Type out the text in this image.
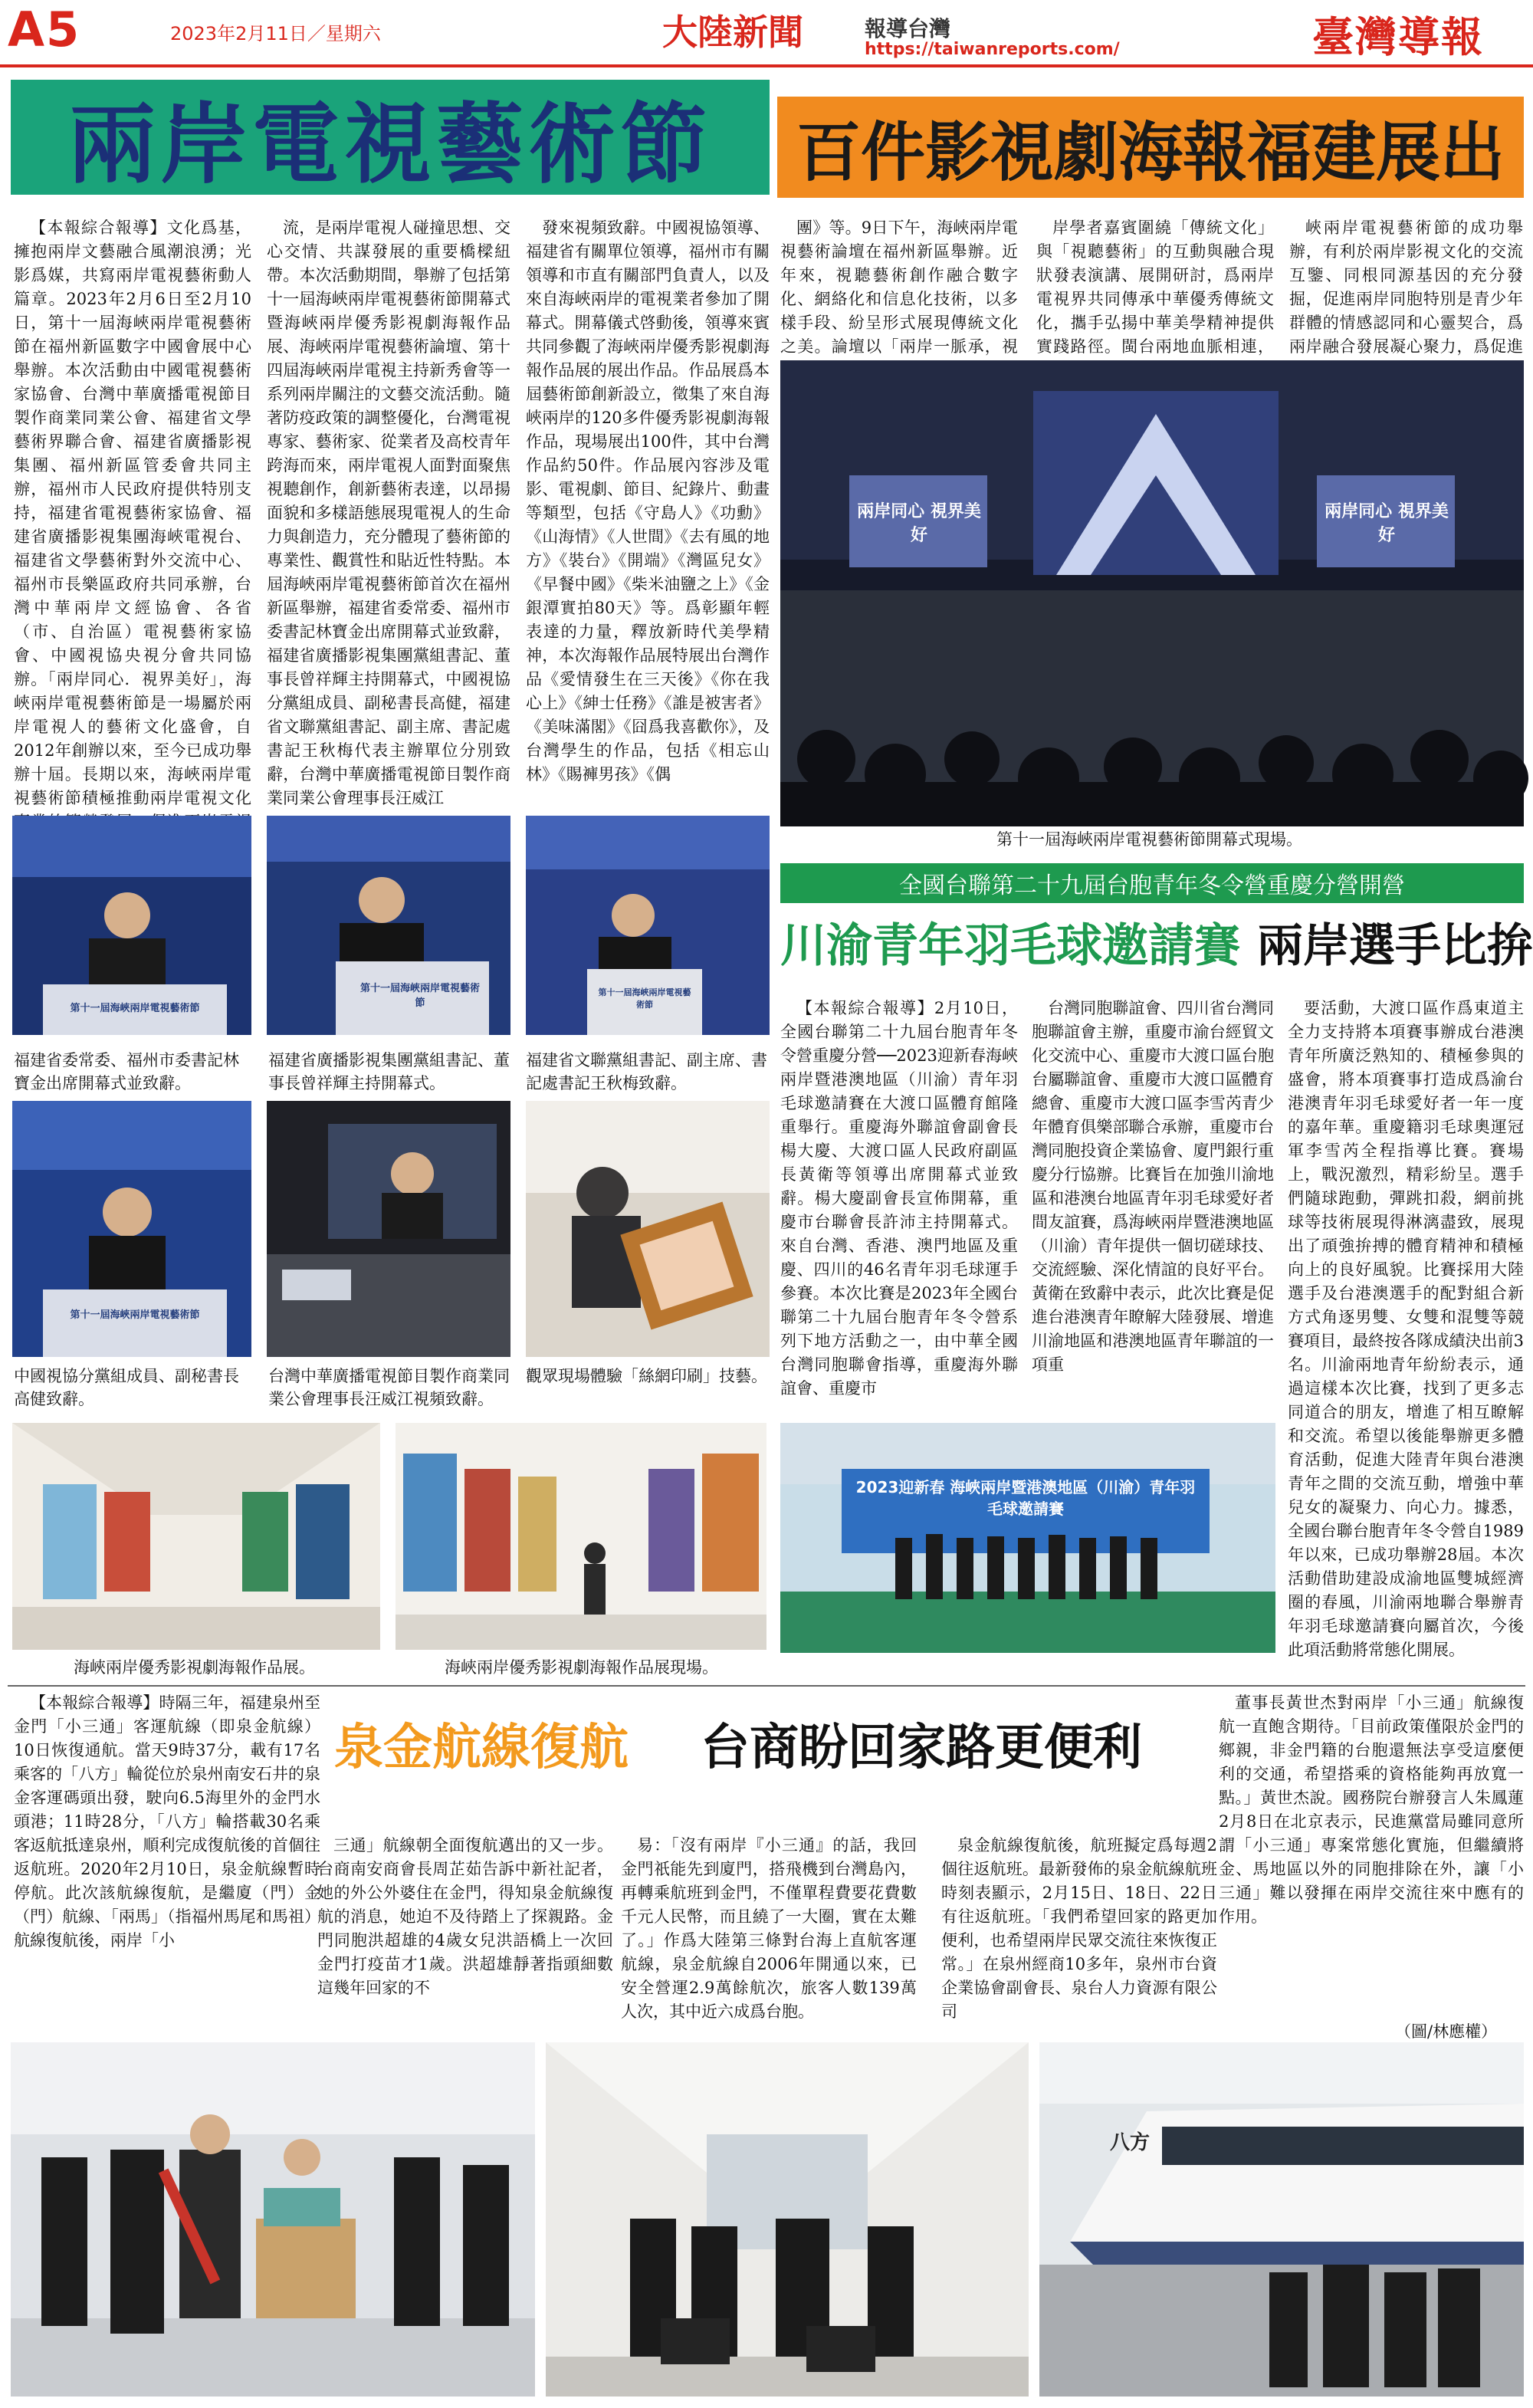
A5	2023年2月11日／星期六	大陸新聞	報導台灣
https://taiwanreports.com/	臺灣導報
兩岸電視藝術節	百件影視劇海報福建展出

【本報綜合報導】文化爲基，擁抱兩岸文藝融合風潮浪湧；光影爲媒，共寫兩岸電視藝術動人篇章。2023年2月6日至2月10日，第十一屆海峽兩岸電視藝術節在福州新區數字中國會展中心舉辦。本次活動由中國電視藝術家協會、台灣中華廣播電視節目製作商業同業公會、福建省文學藝術界聯合會、福建省廣播影視集團、福州新區管委會共同主辦，福州市人民政府提供特別支持，福建省電視藝術家協會、福建省廣播影視集團海峽電視台、福建省文學藝術對外交流中心、福州市長樂區政府共同承辦，台灣中華兩岸文經協會、各省（市、自治區）電視藝術家協會、中國視協央視分會共同協辦。「兩岸同心．視界美好」，海峽兩岸電視藝術節是一場屬於兩岸電視人的藝術文化盛會，自2012年創辦以來，至今已成功舉辦十屆。長期以來，海峽兩岸電視藝術節積極推動兩岸電視文化

流，是兩岸電視人碰撞思想、交心交情、共謀發展的重要橋樑紐帶。本次活動期間，舉辦了包括第十一屆海峽兩岸電視藝術節開幕式暨海峽兩岸優秀影視劇海報作品展、海峽兩岸電視藝術論壇、第十四屆海峽兩岸電視主持新秀會等一系列兩岸關注的文藝交流活動。隨著防疫政策的調整優化，台灣電視專家、藝術家、從業者及高校青年跨海而來，兩岸電視人面對面聚焦視聽創作，創新藝術表達，以昂揚面貌和多樣語態展現電視人的生命力與創造力，充分體現了藝術節的專業性、觀賞性和貼近性特點。本屆海峽兩岸電視藝術節首次在福州新區舉辦，福建省委常委、福州市委書記林寶金出席開幕式並致辭，福建省廣播影視集團黨組書記、董事長曾祥輝主持開幕式，中國視協分黨組成員、副秘書長高健，福建省文聯黨組書記、副主席、書記處書記王秋梅代表主辦單位分別致辭，台灣中華廣播電視節目製作商業同業公會理事長汪威江

發來視頻致辭。中國視協領導、福建省有關單位領導，福州市有關領導和市直有關部門負責人，以及來自海峽兩岸的電視業者參加了開幕式。開幕儀式啓動後，領導來賓共同參觀了海峽兩岸優秀影視劇海報作品展的展出作品。作品展爲本屆藝術節創新設立，徵集了來自海峽兩岸的120多件優秀影視劇海報作品，現場展出100件，其中台灣作品約50件。作品展內容涉及電影、電視劇、節目、紀錄片、動畫等類型，包括《守島人》《功勳》《山海情》《人世間》《去有風的地方》《裝台》《開端》《灣區兒女》《早餐中國》《柴米油鹽之上》《金銀潭實拍80天》等。爲彰顯年輕表達的力量，釋放新時代美學精神，本次海報作品展特展出台灣作品《愛情發生在三天後》《你在我心上》《紳士任務》《誰是被害者》《美味滿閣》《囧爲我喜歡你》，及台灣學生的作品，包括《相忘山林》《賜褲男孩》《偶

團》等。9日下午，海峽兩岸電視藝術論壇在福州新區舉辦。近年來，視聽藝術創作融合數字化、網絡化和信息化技術，以多樣手段、紛呈形式展現傳統文化之美。論壇以「兩岸一脈承，視

岸學者嘉賓圍繞「傳統文化」與「視聽藝術」的互動與融合現狀發表演講、展開研討，爲兩岸電視界共同傳承中華優秀傳統文化，攜手弘揚中華美學精神提供實踐路徑。閩台兩地血脈相連，

峽兩岸電視藝術節的成功舉辦，有利於兩岸影視文化的交流互鑒、同根同源基因的充分發掘，促進兩岸同胞特別是青少年群體的情感認同和心靈契合，爲兩岸融合發展凝心聚力，爲促進

兩岸同心 視界美好
兩岸同心 視界美好
第十一屆海峽兩岸電視藝術節開幕式現場。
第十一屆海峽兩岸電視藝術節
第十一屆海峽兩岸電視藝術節
第十一屆海峽兩岸電視藝術節
福建省委常委、福州市委書記林寶金出席開幕式並致辭。
福建省廣播影視集團黨組書記、董事長曾祥輝主持開幕式。
福建省文聯黨組書記、副主席、書記處書記王秋梅致辭。
第十一屆海峽兩岸電視藝術節
中國視協分黨組成員、副秘書長高健致辭。
台灣中華廣播電視節目製作商業同業公會理事長汪威江視頻致辭。
觀眾現場體驗「絲網印刷」技藝。
海峽兩岸優秀影視劇海報作品展。	海峽兩岸優秀影視劇海報作品展現場。
全國台聯第二十九屆台胞青年冬令營重慶分營開營
川渝青年羽毛球邀請賽 兩岸選手比拚

【本報綜合報導】2月10日，全國台聯第二十九屆台胞青年冬令營重慶分營──2023迎新春海峽兩岸暨港澳地區（川渝）青年羽毛球邀請賽在大渡口區體育館隆重舉行。重慶海外聯誼會副會長楊大慶、大渡口區人民政府副區長黃衛等領導出席開幕式並致辭。楊大慶副會長宣佈開幕，重慶市台聯會長許沛主持開幕式。來自台灣、香港、澳門地區及重慶、四川的46名青年羽毛球運手參賽。本次比賽是2023年全國台聯第二十九屆台胞青年冬令營系列下地方活動之一，由中華全國台灣同胞聯會指導，重慶海外聯誼會、重慶市

台灣同胞聯誼會、四川省台灣同胞聯誼會主辦，重慶市渝台經貿文化交流中心、重慶市大渡口區台胞台屬聯誼會、重慶市大渡口區體育總會、重慶市大渡口區李雪芮青少年體育俱樂部聯合承辦，重慶市台灣同胞投資企業協會、廈門銀行重慶分行協辦。比賽旨在加強川渝地區和港澳台地區青年羽毛球愛好者間友誼賽，爲海峽兩岸暨港澳地區（川渝）青年提供一個切磋球技、交流經驗、深化情誼的良好平台。黃衛在致辭中表示，此次比賽是促進台港澳青年瞭解大陸發展、增進川渝地區和港澳地區青年聯誼的一項重

要活動，大渡口區作爲東道主全力支持將本項賽事辦成台港澳青年所廣泛熟知的、積極參與的盛會，將本項賽事打造成爲渝台港澳青年羽毛球愛好者一年一度的嘉年華。重慶籍羽毛球奧運冠軍李雪芮全程指導比賽。賽場上，戰況激烈，精彩紛呈。選手們隨球跑動，彈跳扣殺，網前挑球等技術展現得淋漓盡致，展現出了頑強拚搏的體育精神和積極向上的良好風貌。比賽採用大陸選手及台港澳選手的配對組合新方式角逐男雙、女雙和混雙等競賽項目，最終按各隊成績決出前3名。川渝兩地青年紛紛表示，通過這樣本次比賽，找到了更多志同道合的朋友，增進了相互瞭解和交流。希望以後能舉辦更多體育活動，促進大陸青年與台港澳青年之間的交流互動，增強中華兒女的凝聚力、向心力。據悉，全國台聯台胞青年冬令營自1989年以來，已成功舉辦28屆。本次活動借助建設成渝地區雙城經濟圈的春風，川渝兩地聯合舉辦青年羽毛球邀請賽向屬首次，今後此項活動將常態化開展。

2023迎新春 海峽兩岸暨港澳地區（川渝）青年羽毛球邀請賽

【本報綜合報導】時隔三年，福建泉州至金門「小三通」客運航線（即泉金航線）10日恢復通航。當天9時37分，載有17名乘客的「八方」輪從位於泉州南安石井的泉金客運碼頭出發，駛向6.5海里外的金門水頭港；11時28分，「八方」輪搭載30名乘客返航抵達泉州，順利完成復航後的首個往返航班。2020年2月10日，泉金航線暫時停航。此次該航線復航，是繼廈（門）金（門）航線、「兩馬」（指福州馬尾和馬祖）航線復航後，兩岸「小

泉金航線復航 台商盼回家路更便利

三通」航線朝全面復航邁出的又一步。台商南安商會長周芷茹告訴中新社記者，她的外公外婆住在金門，得知泉金航線復航的消息，她迫不及待踏上了探親路。金門同胞洪超雄的4歲女兒洪語橋上一次回金門打疫苗才1歲。洪超雄靜著指頭細數這幾年回家的不

易：「沒有兩岸『小三通』的話，我回金門祇能先到廈門，搭飛機到台灣島內，再轉乘航班到金門，不僅單程費要花費數千元人民幣，而且繞了一大圈，實在太難了。」作爲大陸第三條對台海上直航客運航線，泉金航線自2006年開通以來，已安全營運2.9萬餘航次，旅客人數139萬人次，其中近六成爲台胞。

泉金航線復航後，航班擬定爲每週2個往返航班。最新發佈的泉金航線航班時刻表顯示，2月15日、18日、22日有往返航班。「我們希望回家的路更加便利，也希望兩岸民眾交流往來恢復正常。」在泉州經商10多年，泉州市台資企業協會副會長、泉台人力資源有限公司

董事長黃世杰對兩岸「小三通」航線復航一直飽含期待。「目前政策僅限於金門的鄉親，非金門籍的台胞還無法享受這麼便利的交通，希望搭乘的資格能夠再放寬一點。」黃世杰說。國務院台辦發言人朱鳳蓮2月8日在北京表示，民進黨當局雖同意所謂「小三通」專案常態化實施，但繼續將金、馬地區以外的同胞排除在外，讓「小三通」難以發揮在兩岸交流往來中應有的作用。

（圖/林應權）
八方
